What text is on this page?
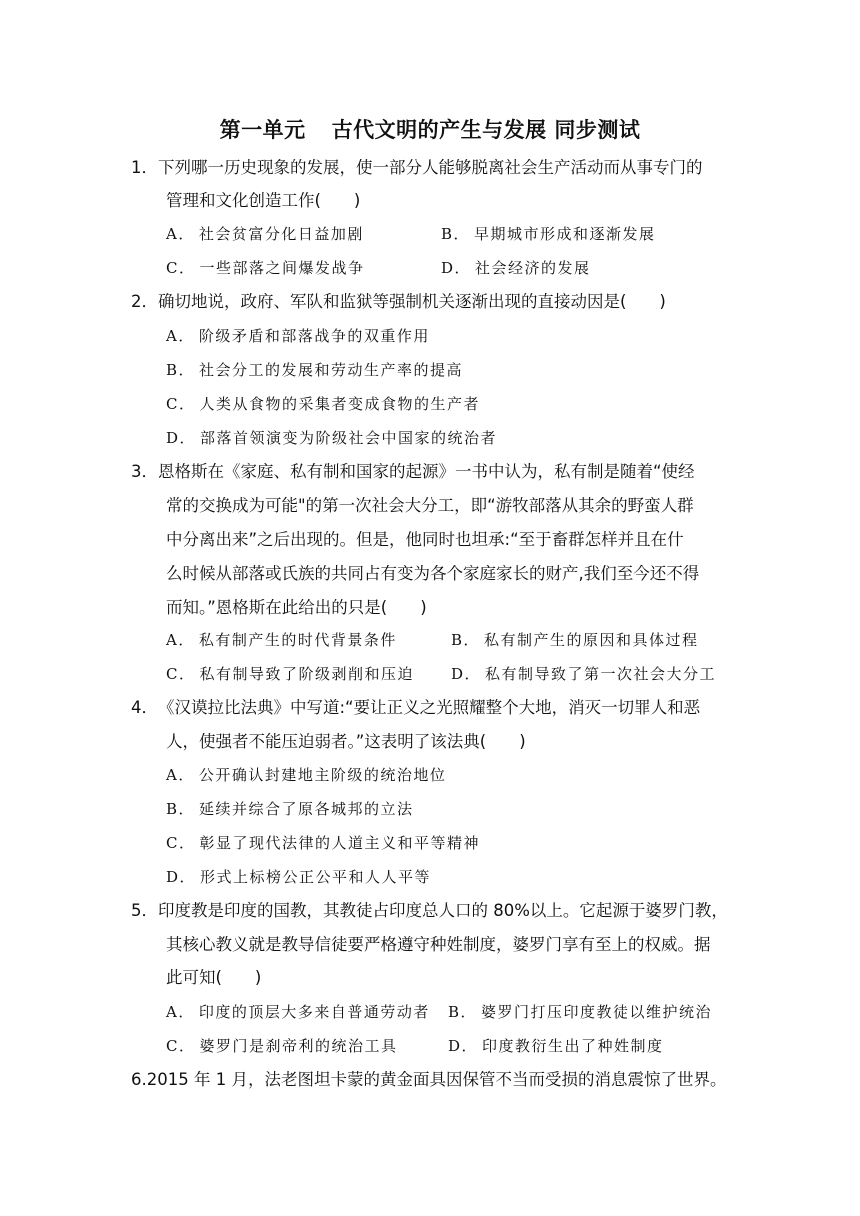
第一单元 古代文明的产生与发展 同步测试
1．下列哪一历史现象的发展，使一部分人能够脱离社会生产活动而从事专门的
管理和文化创造工作(　　)
A． 社会贫富分化日益加剧	B． 早期城市形成和逐渐发展
C． 一些部落之间爆发战争	D． 社会经济的发展
2．确切地说，政府、军队和监狱等强制机关逐渐出现的直接动因是(　　)
A． 阶级矛盾和部落战争的双重作用
B． 社会分工的发展和劳动生产率的提高
C． 人类从食物的采集者变成食物的生产者
D． 部落首领演变为阶级社会中国家的统治者
3．恩格斯在《家庭、私有制和国家的起源》一书中认为，私有制是随着“使经
常的交换成为可能"的第一次社会大分工，即“游牧部落从其余的野蛮人群
中分离出来”之后出现的。但是，他同时也坦承:“至于畜群怎样并且在什
么时候从部落或氏族的共同占有变为各个家庭家长的财产,我们至今还不得
而知。”恩格斯在此给出的只是(　　)
A． 私有制产生的时代背景条件	B． 私有制产生的原因和具体过程
C． 私有制导致了阶级剥削和压迫 D． 私有制导致了第一次社会大分工
4．《汉谟拉比法典》中写道:“要让正义之光照耀整个大地，消灭一切罪人和恶
人，使强者不能压迫弱者。”这表明了该法典(　　)
A． 公开确认封建地主阶级的统治地位
B． 延续并综合了原各城邦的立法
C． 彰显了现代法律的人道主义和平等精神
D． 形式上标榜公正公平和人人平等
5．印度教是印度的国教，其教徒占印度总人口的 80%以上。它起源于婆罗门教，
其核心教义就是教导信徒要严格遵守种姓制度，婆罗门享有至上的权威。据
此可知(　　)
A． 印度的顶层大多来自普通劳动者 B． 婆罗门打压印度教徒以维护统治
C． 婆罗门是刹帝利的统治工具	D． 印度教衍生出了种姓制度
6.2015 年 1 月，法老图坦卡蒙的黄金面具因保管不当而受损的消息震惊了世界。
